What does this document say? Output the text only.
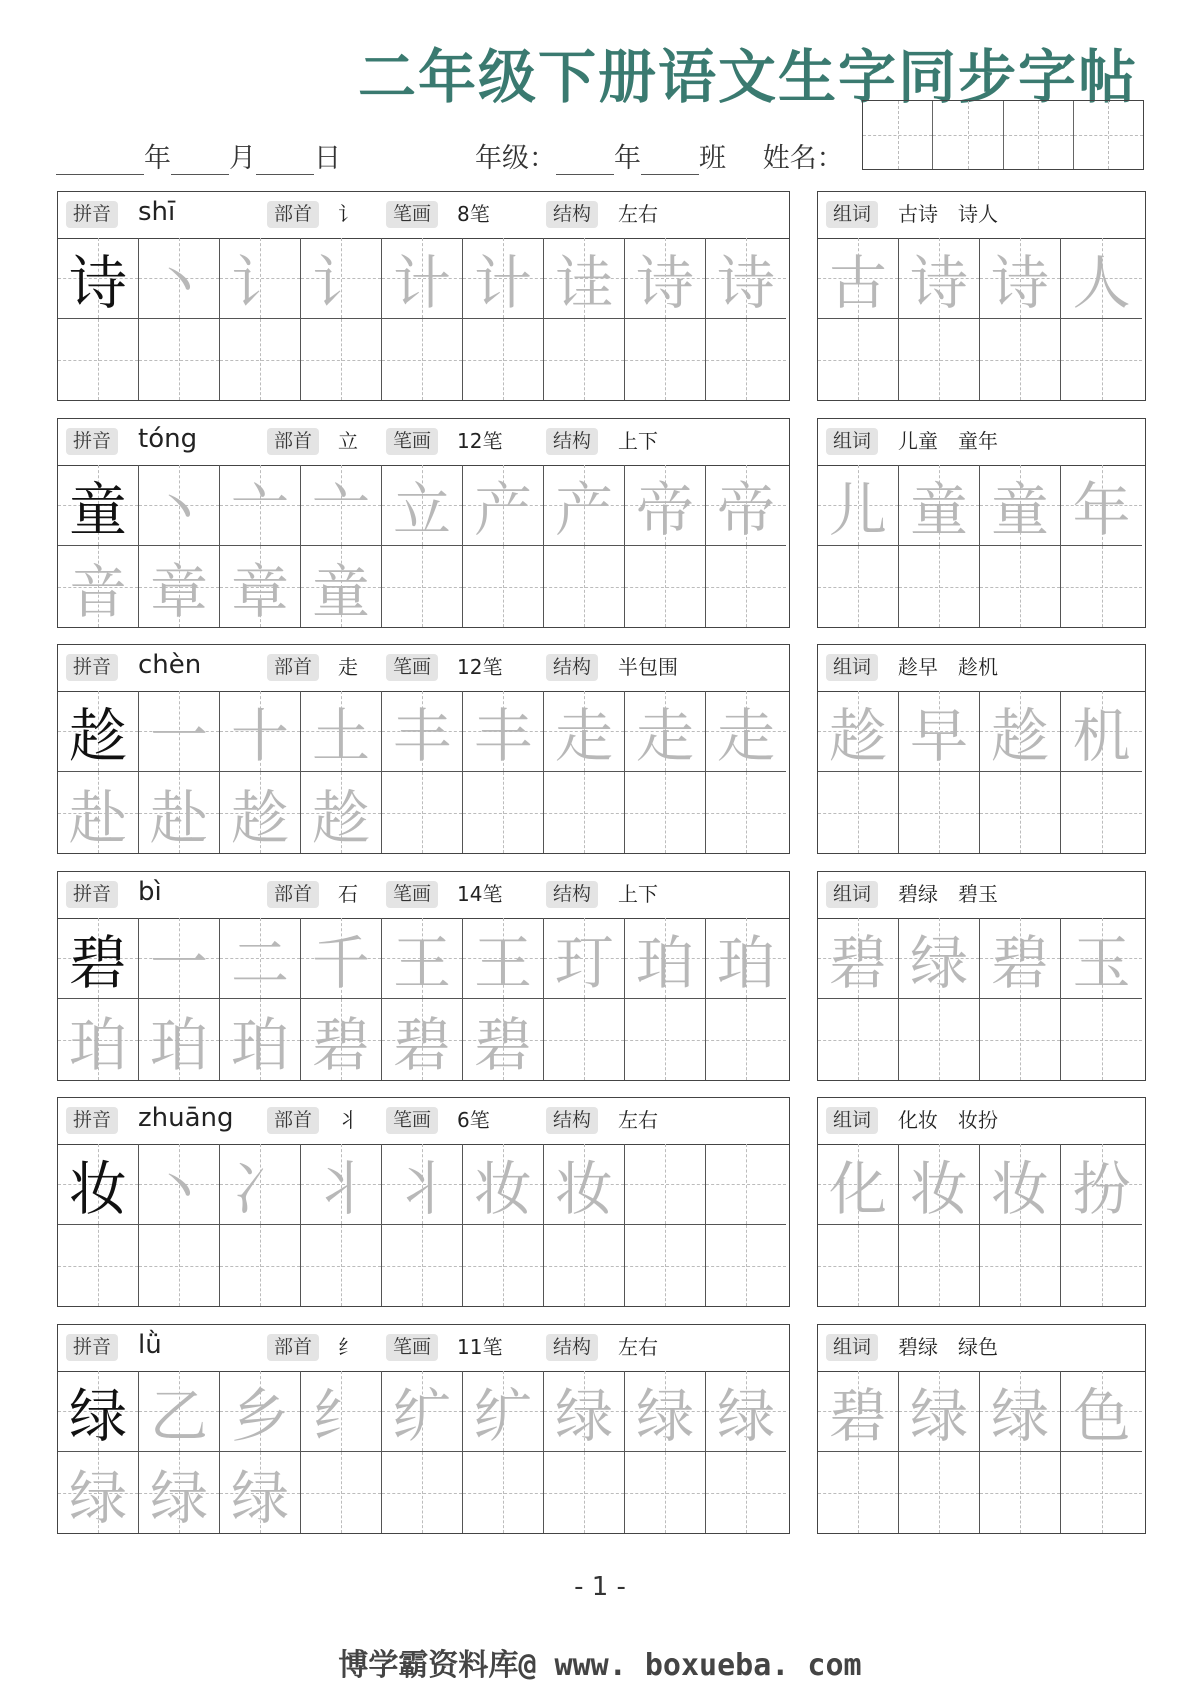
二年级下册语文生字同步字帖
年 月 日	年级： 年 班 姓名：
拼音 shī	部首	讠	笔画	8笔	结构	左右
诗 丶 讠 讠 计 计 诖 诗 诗
组词	古诗　诗人
古 诗 诗 人
拼音 tóng	部首	立	笔画	12笔	结构	上下
童 丶 亠 亠 立 产 产 帝 帝
音 章 章 童
组词	儿童　童年
儿 童 童 年
拼音 chèn	部首	走	笔画	12笔	结构	半包围
趁 一 十 土 丰 丰 走 走 走
赴 赴 趁 趁
组词	趁早　趁机
趁 早 趁 机
拼音 bì	部首	石	笔画	14笔	结构	上下
碧 一 二 千 王 王 玎 珀 珀
珀 珀 珀 碧 碧 碧
组词	碧绿　碧玉
碧 绿 碧 玉
拼音 zhuāng	部首	丬	笔画	6笔	结构	左右
妆 丶 冫 丬 丬 妆 妆
组词	化妆　妆扮
化 妆 妆 扮
拼音 lǜ	部首	纟	笔画	11笔	结构	左右
绿 乙 乡 纟 纩 纩 绿 绿 绿
绿 绿 绿
组词	碧绿　绿色
碧 绿 绿 色
- 1 -
博学霸资料库@ www. boxueba. com
